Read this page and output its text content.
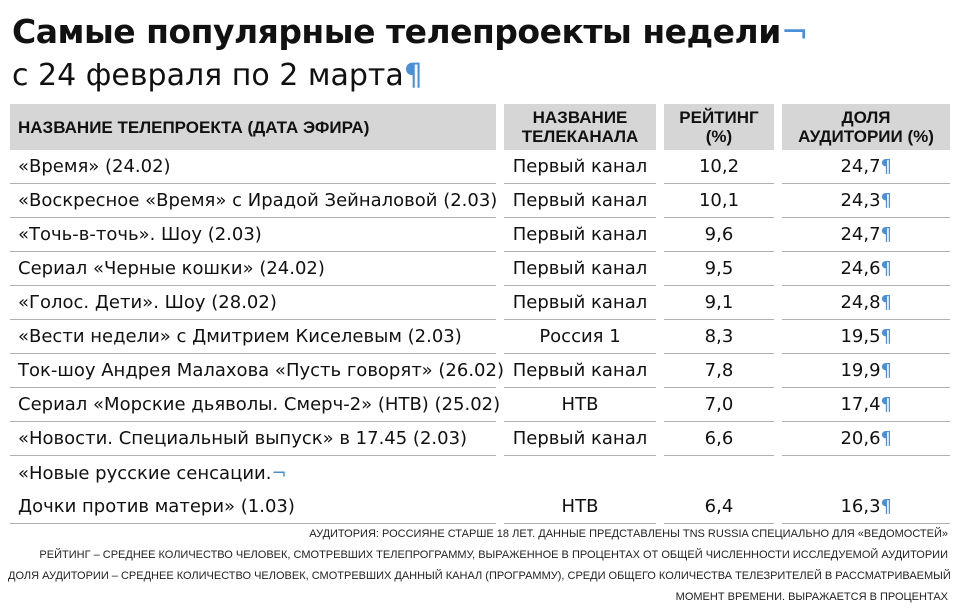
Самые популярные телепроекты недели¬
с 24 февраля по 2 марта¶
НАЗВАНИЕ ТЕЛЕПРОЕКТА (ДАТА ЭФИРА)		НАЗВАНИЕ ТЕЛЕКАНАЛА		РЕЙТИНГ (%)		ДОЛЯ АУДИТОРИИ (%)
«Время» (24.02)		Первый канал		10,2		24,7¶
«Воскресное «Время» с Ирадой Зейналовой (2.03)		Первый канал		10,1		24,3¶
«Точь-в-точь». Шоу (2.03)		Первый канал		9,6		24,7¶
Сериал «Черные кошки» (24.02)		Первый канал		9,5		24,6¶
«Голос. Дети». Шоу (28.02)		Первый канал		9,1		24,8¶
«Вести недели» с Дмитрием Киселевым (2.03)		Россия 1		8,3		19,5¶
Ток-шоу Андрея Малахова «Пусть говорят» (26.02)		Первый канал		7,8		19,9¶
Сериал «Морские дьяволы. Смерч-2» (НТВ) (25.02)		НТВ		7,0		17,4¶
«Новости. Специальный выпуск» в 17.45 (2.03)		Первый канал		6,6		20,6¶
«Новые русские сенсации.¬						
Дочки против матери» (1.03)		НТВ		6,4		16,3¶
АУДИТОРИЯ: РОССИЯНЕ СТАРШЕ 18 ЛЕТ. ДАННЫЕ ПРЕДСТАВЛЕНЫ TNS RUSSIA СПЕЦИАЛЬНО ДЛЯ «ВЕДОМОСТЕЙ»
РЕЙТИНГ – СРЕДНЕЕ КОЛИЧЕСТВО ЧЕЛОВЕК, СМОТРЕВШИХ ТЕЛЕПРОГРАММУ, ВЫРАЖЕННОЕ В ПРОЦЕНТАХ ОТ ОБЩЕЙ ЧИСЛЕННОСТИ ИССЛЕДУЕМОЙ АУДИТОРИИ
ДОЛЯ АУДИТОРИИ – СРЕДНЕЕ КОЛИЧЕСТВО ЧЕЛОВЕК, СМОТРЕВШИХ ДАННЫЙ КАНАЛ (ПРОГРАММУ), СРЕДИ ОБЩЕГО КОЛИЧЕСТВА ТЕЛЕЗРИТЕЛЕЙ В РАССМАТРИВАЕМЫЙ
МОМЕНТ ВРЕМЕНИ. ВЫРАЖАЕТСЯ В ПРОЦЕНТАХ
